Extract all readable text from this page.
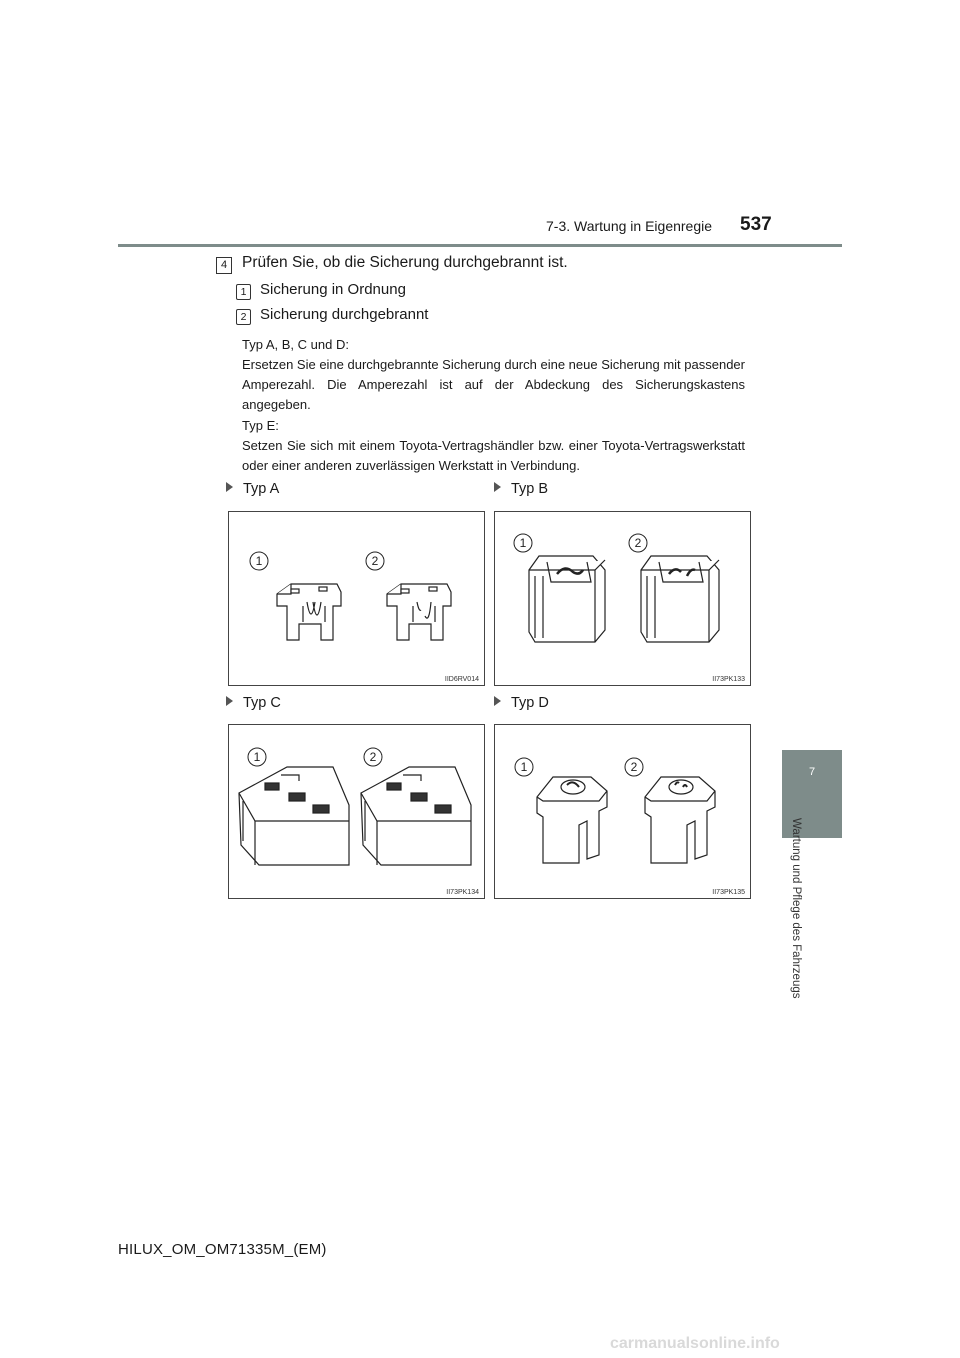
7-3. Wartung in Eigenregie 537
7
Wartung und Pflege des Fahrzeugs
4 Prüfen Sie, ob die Sicherung durchgebrannt ist.
1 Sicherung in Ordnung
2 Sicherung durchgebrannt
Typ A, B, C und D:
Ersetzen Sie eine durchgebrannte Sicherung durch eine neue Sicherung mit passender Amperezahl. Die Amperezahl ist auf der Abdeckung des Sicherungskastens angegeben.
Typ E:
Setzen Sie sich mit einem Toyota-Vertragshändler bzw. einer Toyota-Vertragswerkstatt oder einer anderen zuverlässigen Werkstatt in Verbindung.
Typ A	Typ B
Typ C	Typ D
1	2
IID6RV014
1	2
II73PK133
1	2
II73PK134
1	2
II73PK135
HILUX_OM_OM71335M_(EM)
carmanualsonline.info
